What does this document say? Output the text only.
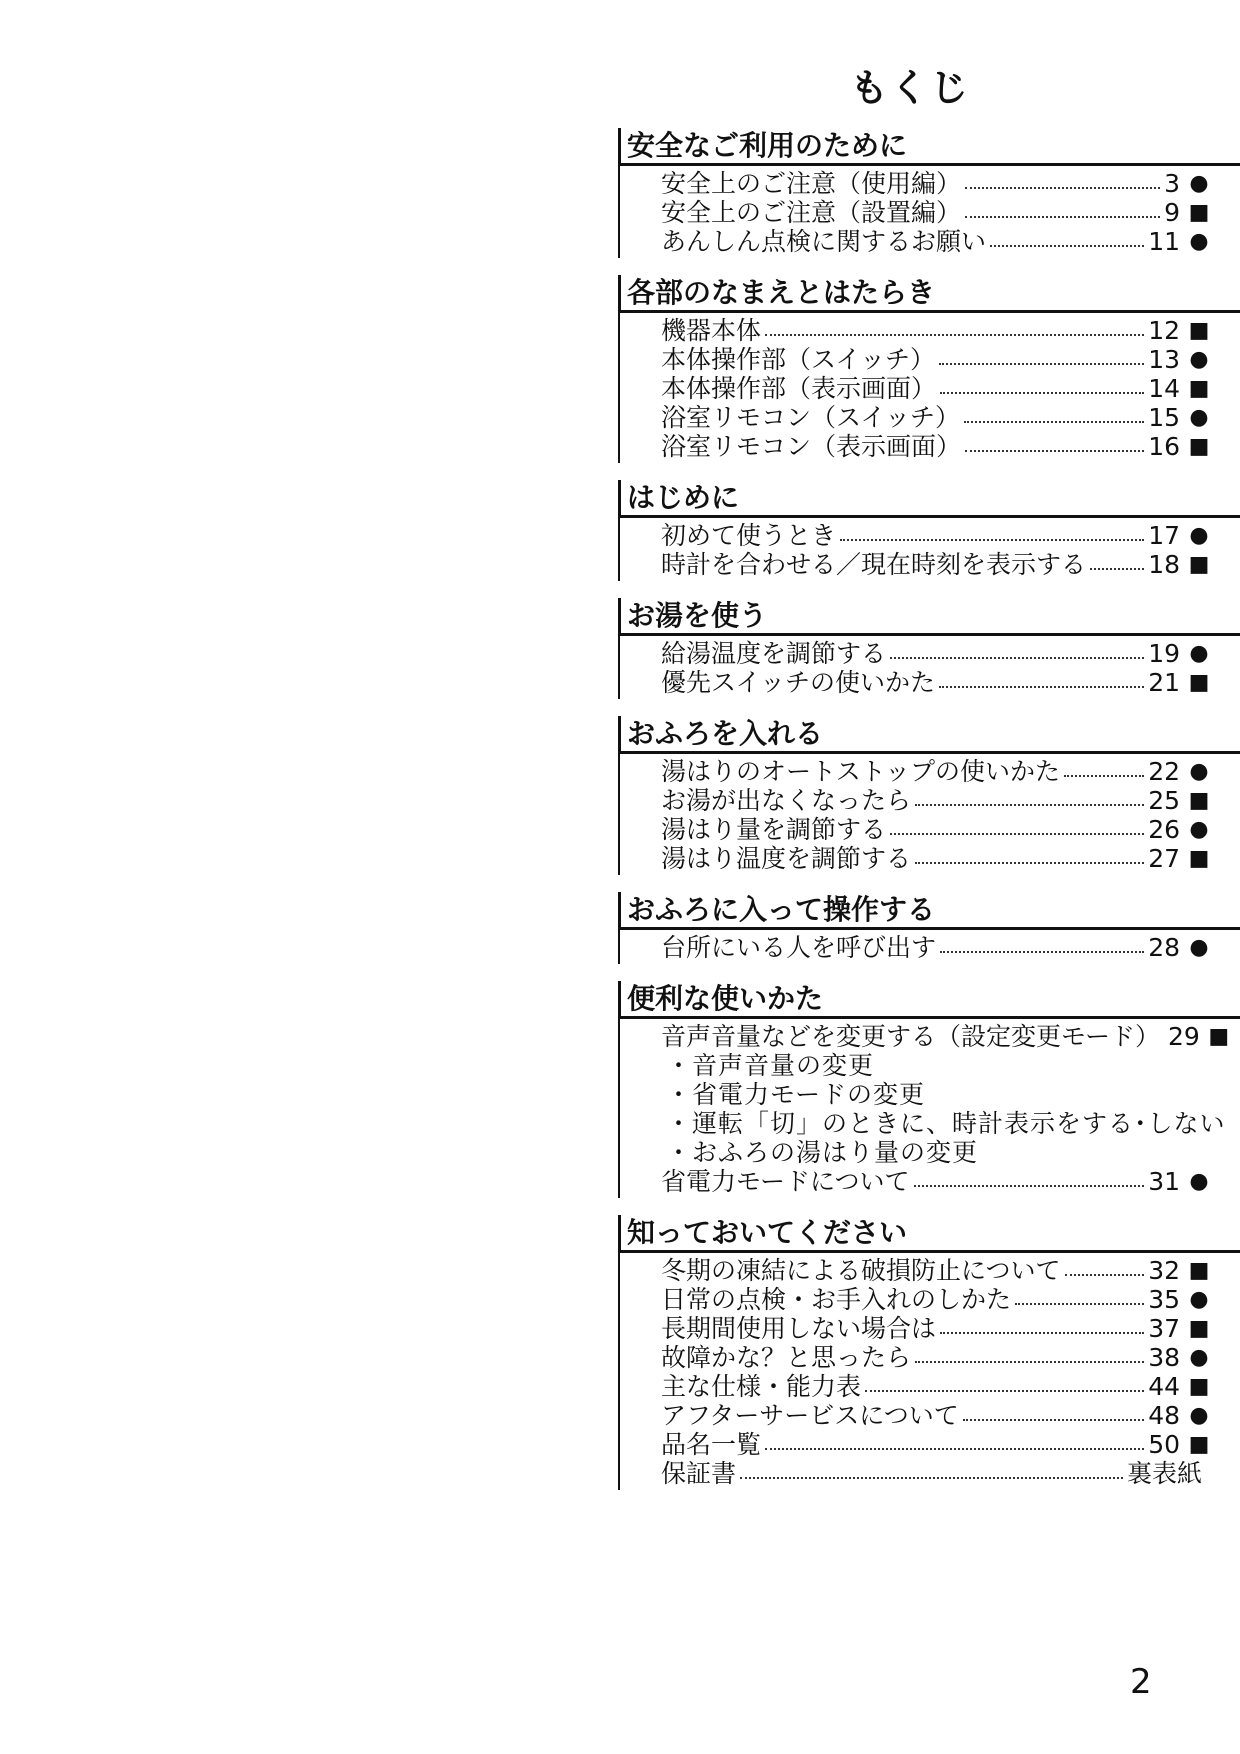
もくじ
安全なご利用のために
安全上のご注意（使用編）	3 ●
安全上のご注意（設置編）	9 ■
あんしん点検に関するお願い	11 ●
各部のなまえとはたらき
機器本体	12 ■
本体操作部（スイッチ）	13 ●
本体操作部（表示画面）	14 ■
浴室リモコン（スイッチ）	15 ●
浴室リモコン（表示画面）	16 ■
はじめに
初めて使うとき	17 ●
時計を合わせる／現在時刻を表示する 18 ■
お湯を使う
給湯温度を調節する	19 ●
優先スイッチの使いかた	21 ■
おふろを入れる
湯はりのオートストップの使いかた	22 ●
お湯が出なくなったら	25 ■
湯はり量を調節する	26 ●
湯はり温度を調節する	27 ■
おふろに入って操作する
台所にいる人を呼び出す	28 ●
便利な使いかた
音声音量などを変更する（設定変更モード） 29 ■
・音声音量の変更
・省電力モードの変更
・運転「切」のときに、時計表示をする･しない
・おふろの湯はり量の変更
省電力モードについて	31 ●
知っておいてください
冬期の凍結による破損防止について	32 ■
日常の点検・お手入れのしかた	35 ●
長期間使用しない場合は	37 ■
故障かな？と思ったら	38 ●
主な仕様・能力表	44 ■
アフターサービスについて	48 ●
品名一覧	50 ■
保証書	裏表紙
2
